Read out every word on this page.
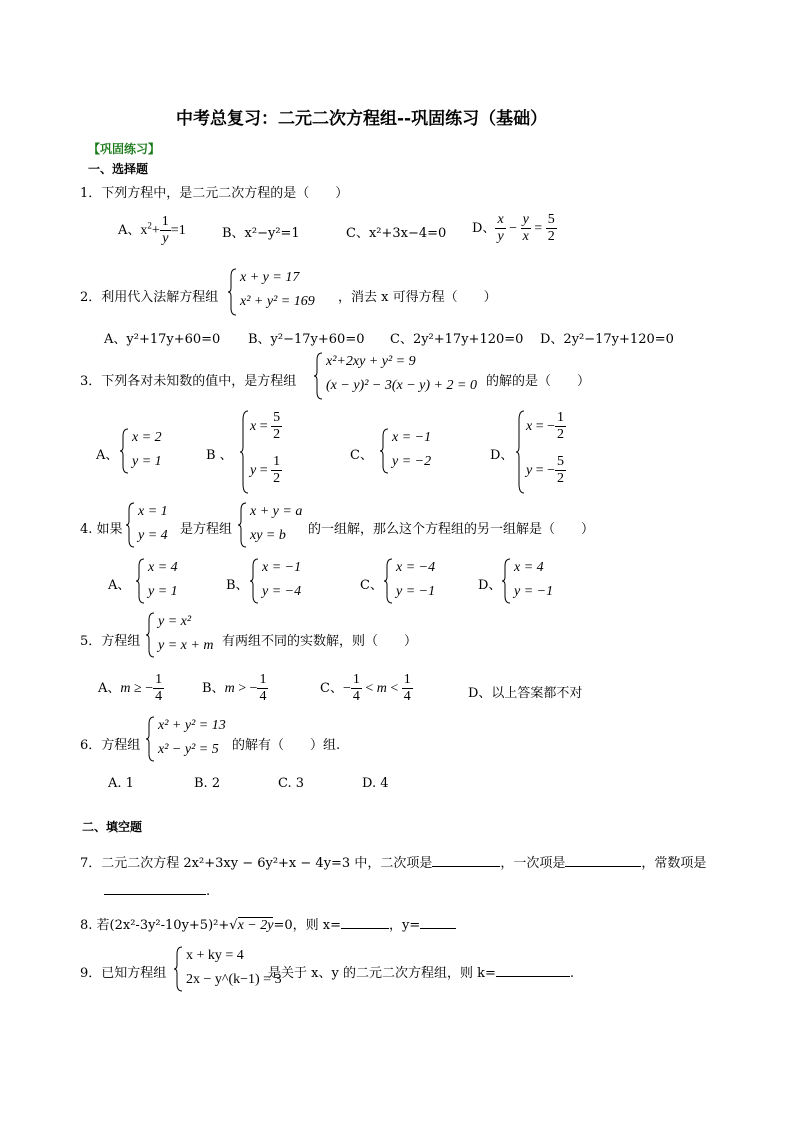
中考总复习：二元二次方程组--巩固练习（基础）
【巩固练习】
一、选择题
1．下列方程中，是二元二次方程的是（　　）
A、$x^2+ \frac{1}{y} =1$	B、x²−y²=1	C、x²+3x−4=0 D、 $\frac{x}{y} - \frac{y}{x} = \frac{5}{2}$
2．利用代入法解方程组
x + y = 17
x² + y² = 169 ，消去 x 可得方程（　　）
A、y²+17y+60=0 B、y²−17y+60=0 C、2y²+17y+120=0 D、2y²−17y+120=0
3．下列各对未知数的值中，是方程组
x²+2xy + y² = 9
(x − y)² − 3(x − y) + 2 = 0 的解的是（　　）
A、
x = 2
y = 1	B 、
$x = \frac{5}{2}$
$y = \frac{1}{2}$	C、
x = −1
y = −2	D、
x = − $\frac{1}{2}$
y = − $\frac{5}{2}$
4. 如果
x = 1
y = 4 是方程组
x + y = a
xy = b 的一组解，那么这个方程组的另一组解是（　　）
A、
x = 4
y = 1	B、
x = −1
y = −4	C、
x = −4
y = −1	D、
x = 4
y = −1
5．方程组
y = x²
y = x + m 有两组不同的实数解，则（　　）
A、m ≥ − $\frac{1}{4}$	B、m > − $\frac{1}{4}$	C、− $\frac{1}{4} < m < \frac{1}{4}$	D、以上答案都不对
6．方程组
x² + y² = 13
x² − y² = 5 的解有（　　）组.
A. 1	B. 2	C. 3	D. 4
二、填空题
7．二元二次方程 2x²+3xy − 6y²+x − 4y=3 中，二次项是	，一次项是	，常数项是
.
8. 若(2x²-3y²-10y+5)²+√x − 2y=0，则 x=	，y=
9．已知方程组
x + ky = 4
2x − y^(k−1) = 3
是关于 x、y 的二元二次方程组，则 k=	.
